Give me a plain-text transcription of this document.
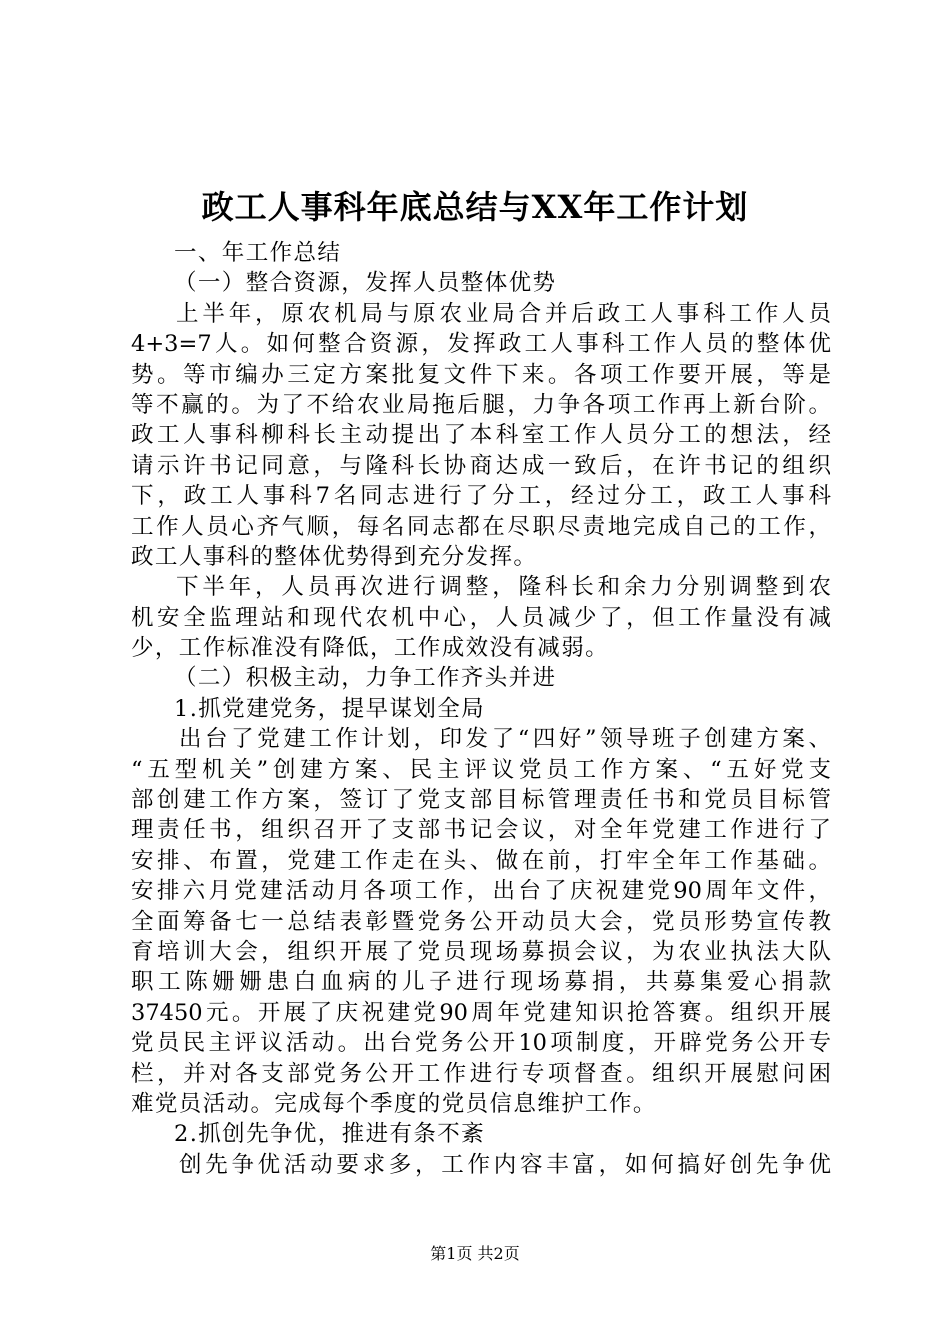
政工人事科年底总结与XX年工作计划
一、年工作总结
（一）整合资源，发挥人员整体优势
上半年，原农机局与原农业局合并后政工人事科工作人员
4+3=7人。如何整合资源，发挥政工人事科工作人员的整体优
势。等市编办三定方案批复文件下来。各项工作要开展，等是
等不赢的。为了不给农业局拖后腿，力争各项工作再上新台阶。
政工人事科柳科长主动提出了本科室工作人员分工的想法，经
请示许书记同意，与隆科长协商达成一致后，在许书记的组织
下，政工人事科7名同志进行了分工，经过分工，政工人事科
工作人员心齐气顺，每名同志都在尽职尽责地完成自己的工作，
政工人事科的整体优势得到充分发挥。
下半年，人员再次进行调整，隆科长和余力分别调整到农
机安全监理站和现代农机中心，人员减少了，但工作量没有减
少，工作标准没有降低，工作成效没有减弱。
（二）积极主动，力争工作齐头并进
1.抓党建党务，提早谋划全局
出台了党建工作计划，印发了“四好”领导班子创建方案、
“五型机关”创建方案、民主评议党员工作方案、“五好党支
部创建工作方案，签订了党支部目标管理责任书和党员目标管
理责任书，组织召开了支部书记会议，对全年党建工作进行了
安排、布置，党建工作走在头、做在前，打牢全年工作基础。
安排六月党建活动月各项工作，出台了庆祝建党90周年文件，
全面筹备七一总结表彰暨党务公开动员大会，党员形势宣传教
育培训大会，组织开展了党员现场募损会议，为农业执法大队
职工陈姗姗患白血病的儿子进行现场募捐，共募集爱心捐款
37450元。开展了庆祝建党90周年党建知识抢答赛。组织开展
党员民主评议活动。出台党务公开10项制度，开辟党务公开专
栏，并对各支部党务公开工作进行专项督查。组织开展慰问困
难党员活动。完成每个季度的党员信息维护工作。
2.抓创先争优，推进有条不紊
创先争优活动要求多，工作内容丰富，如何搞好创先争优
第1页 共2页
